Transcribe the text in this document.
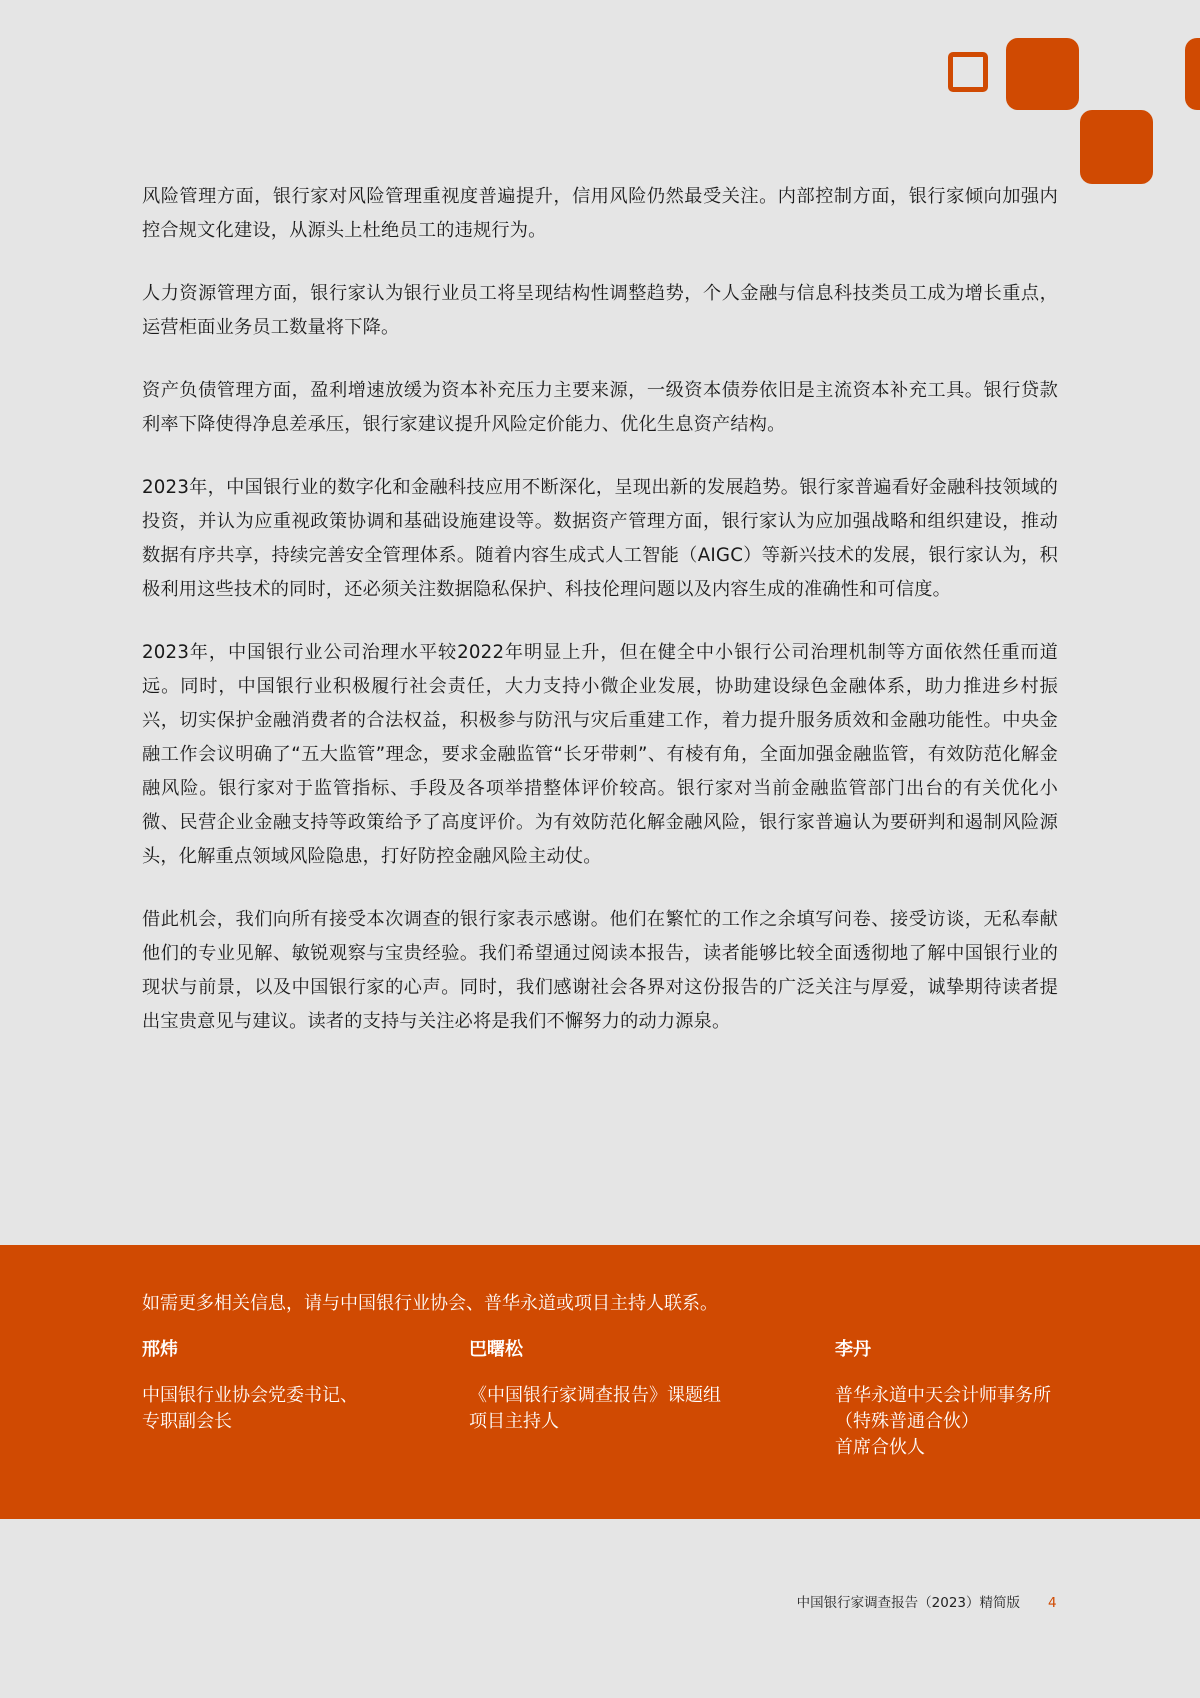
风险管理方面，银行家对风险管理重视度普遍提升，信用风险仍然最受关注。内部控制方面，银行家倾向加强内控合规文化建设，从源头上杜绝员工的违规行为。

人力资源管理方面，银行家认为银行业员工将呈现结构性调整趋势，个人金融与信息科技类员工成为增长重点，运营柜面业务员工数量将下降。

资产负债管理方面，盈利增速放缓为资本补充压力主要来源，一级资本债券依旧是主流资本补充工具。银行贷款利率下降使得净息差承压，银行家建议提升风险定价能力、优化生息资产结构。

2023年，中国银行业的数字化和金融科技应用不断深化，呈现出新的发展趋势。银行家普遍看好金融科技领域的投资，并认为应重视政策协调和基础设施建设等。数据资产管理方面，银行家认为应加强战略和组织建设，推动数据有序共享，持续完善安全管理体系。随着内容生成式人工智能（AIGC）等新兴技术的发展，银行家认为，积极利用这些技术的同时，还必须关注数据隐私保护、科技伦理问题以及内容生成的准确性和可信度。

2023年，中国银行业公司治理水平较2022年明显上升，但在健全中小银行公司治理机制等方面依然任重而道远。同时，中国银行业积极履行社会责任，大力支持小微企业发展，协助建设绿色金融体系，助力推进乡村振兴，切实保护金融消费者的合法权益，积极参与防汛与灾后重建工作，着力提升服务质效和金融功能性。中央金融工作会议明确了“五大监管”理念，要求金融监管“长牙带刺”、有棱有角，全面加强金融监管，有效防范化解金融风险。银行家对于监管指标、手段及各项举措整体评价较高。银行家对当前金融监管部门出台的有关优化小微、民营企业金融支持等政策给予了高度评价。为有效防范化解金融风险，银行家普遍认为要研判和遏制风险源头，化解重点领域风险隐患，打好防控金融风险主动仗。

借此机会，我们向所有接受本次调查的银行家表示感谢。他们在繁忙的工作之余填写问卷、接受访谈，无私奉献他们的专业见解、敏锐观察与宝贵经验。我们希望通过阅读本报告，读者能够比较全面透彻地了解中国银行业的现状与前景，以及中国银行家的心声。同时，我们感谢社会各界对这份报告的广泛关注与厚爱，诚挚期待读者提出宝贵意见与建议。读者的支持与关注必将是我们不懈努力的动力源泉。

如需更多相关信息，请与中国银行业协会、普华永道或项目主持人联系。

邢炜

中国银行业协会党委书记、

专职副会长

巴曙松

《中国银行家调查报告》课题组

项目主持人

李丹

普华永道中天会计师事务所

（特殊普通合伙）

首席合伙人

中国银行家调查报告（2023）精简版 4
